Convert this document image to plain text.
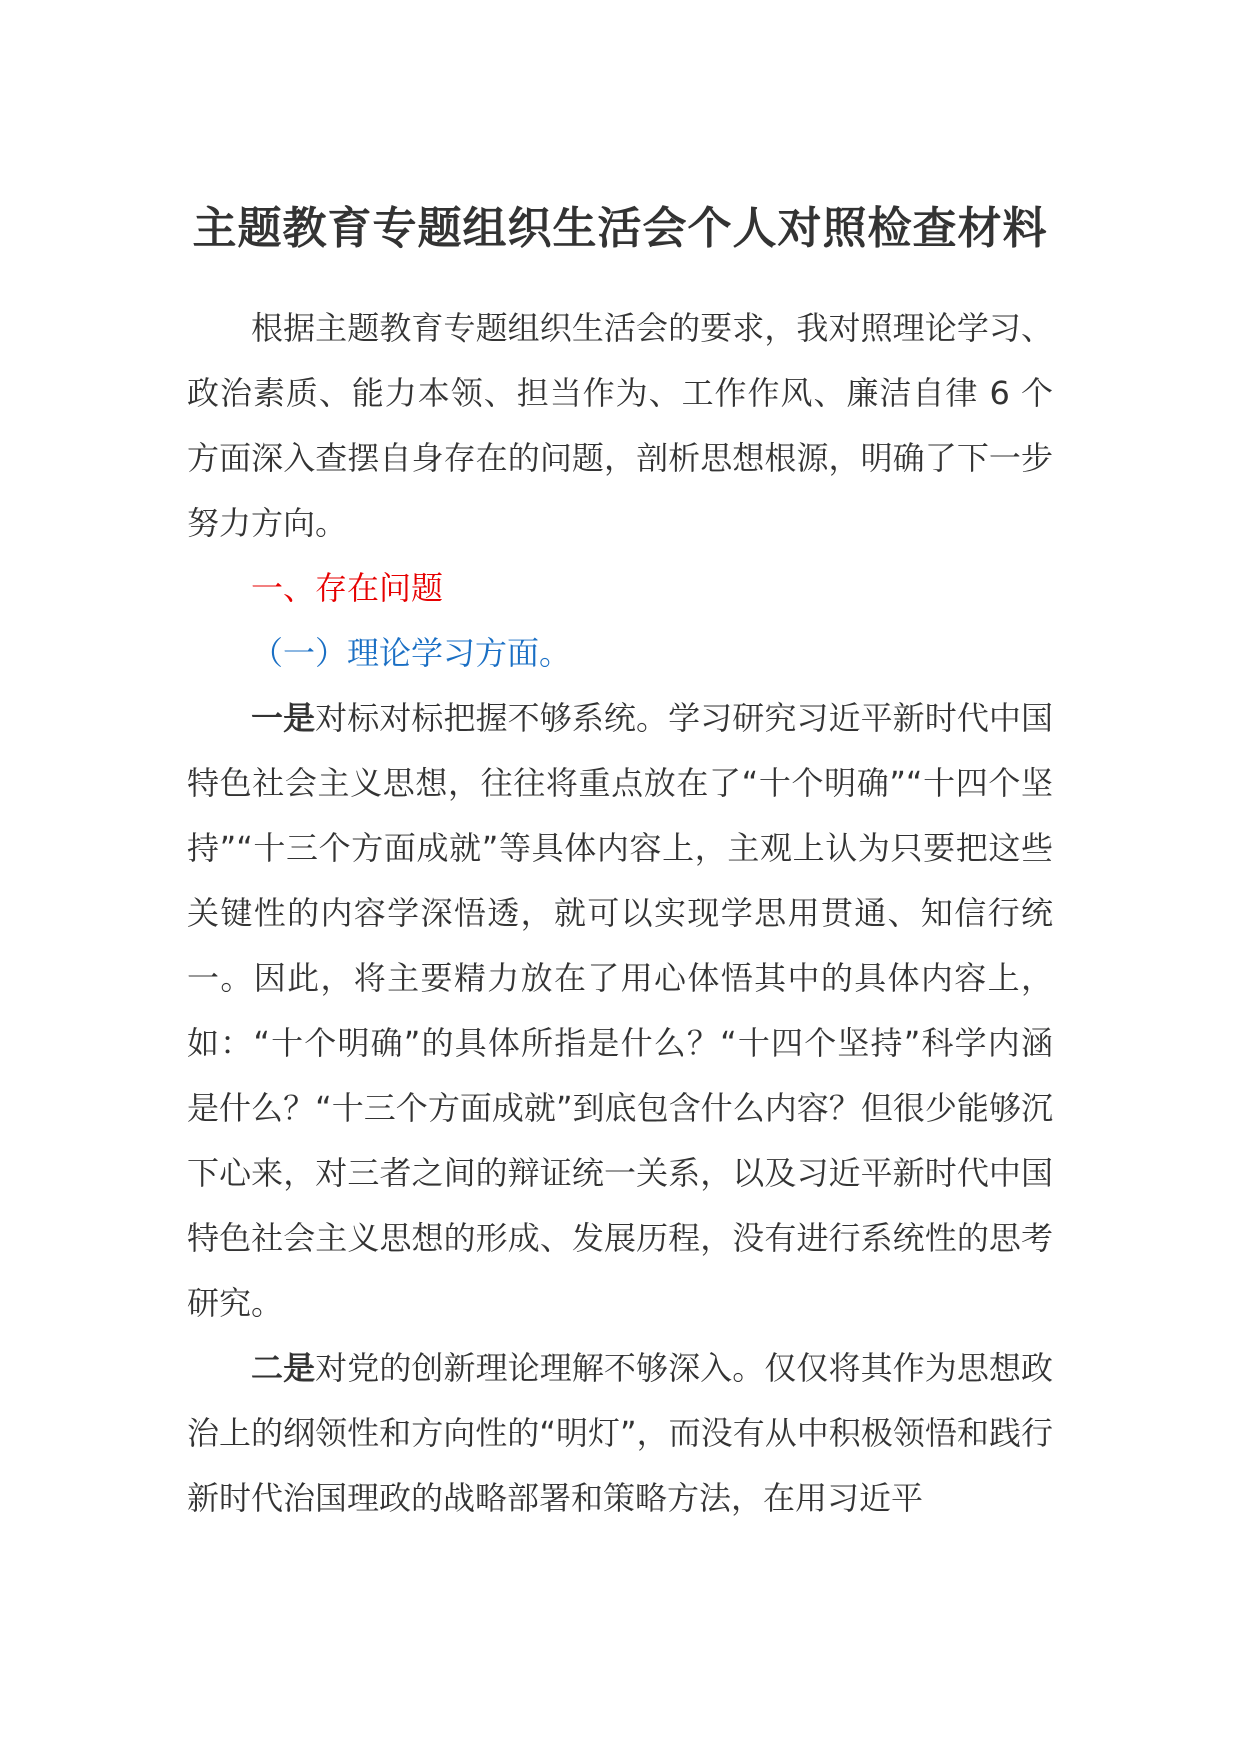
主题教育专题组织生活会个人对照检查材料

根据主题教育专题组织生活会的要求，我对照理论学习、政治素质、能力本领、担当作为、工作作风、廉洁自律 6 个方面深入查摆自身存在的问题，剖析思想根源，明确了下一步努力方向。

一、存在问题

（一）理论学习方面。

一是对标对标把握不够系统。学习研究习近平新时代中国特色社会主义思想，往往将重点放在了“十个明确”“十四个坚持”“十三个方面成就”等具体内容上，主观上认为只要把这些关键性的内容学深悟透，就可以实现学思用贯通、知信行统一。因此，将主要精力放在了用心体悟其中的具体内容上，如：“十个明确”的具体所指是什么？“十四个坚持”科学内涵是什么？“十三个方面成就”到底包含什么内容？但很少能够沉下心来，对三者之间的辩证统一关系，以及习近平新时代中国特色社会主义思想的形成、发展历程，没有进行系统性的思考研究。

二是对党的创新理论理解不够深入。仅仅将其作为思想政治上的纲领性和方向性的“明灯”，而没有从中积极领悟和践行新时代治国理政的战略部署和策略方法，在用习近平
